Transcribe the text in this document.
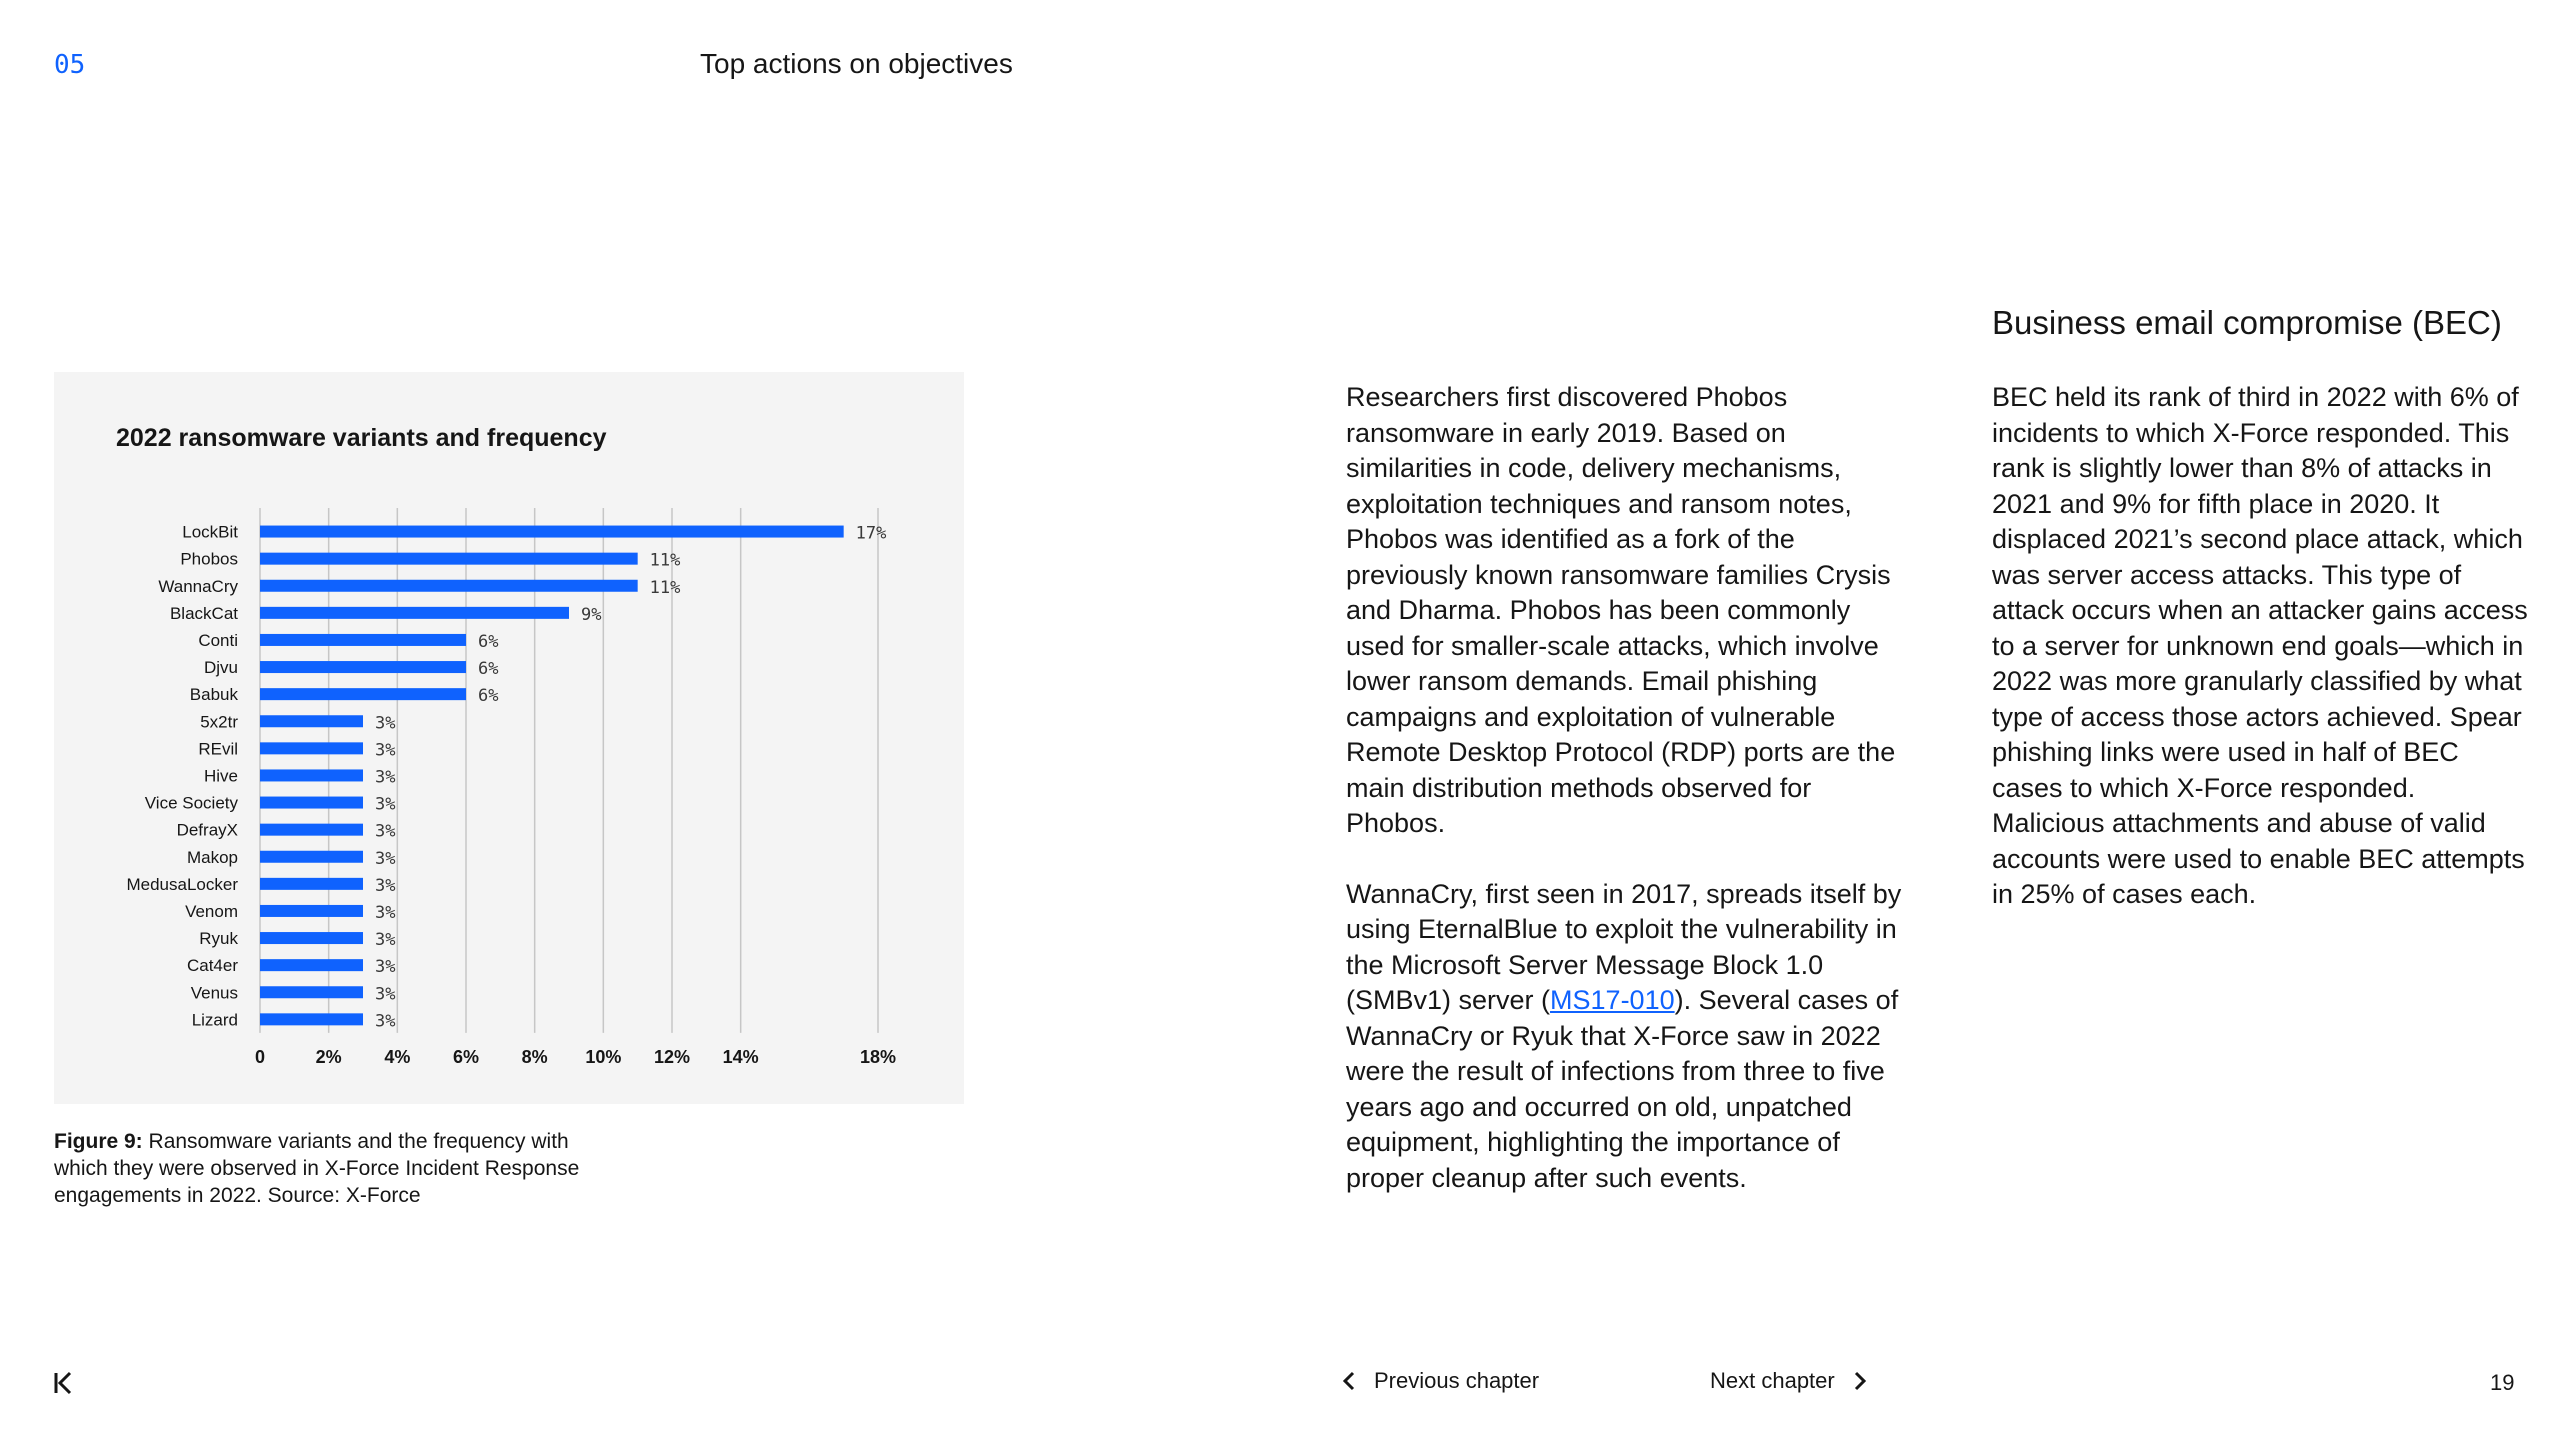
05	Top actions on objectives
LockBit	17%
Phobos	11%
WannaCry	11%
BlackCat	9%
Conti	6%
Djvu	6%
Babuk	6%
5x2tr	3%
REvil	3%
Hive	3%
Vice Society	3%
DefrayX	3%
Makop	3%
MedusaLocker	3%
Venom	3%
Ryuk	3%
Cat4er	3%
Venus	3%
Lizard	3%
0	2% 4% 6% 8% 10% 12% 14%	18%
2022 ransomware variants and frequency
Figure 9: Ransomware variants and the frequency with which they were observed in X-Force Incident Response engagements in 2022. Source: X-Force

Researchers first discovered Phobos ransomware in early 2019. Based on similarities in code, delivery mechanisms, exploitation techniques and ransom notes, Phobos was identified as a fork of the previously known ransomware families Crysis and Dharma. Phobos has been commonly used for smaller-scale attacks, which involve lower ransom demands. Email phishing campaigns and exploitation of vulnerable Remote Desktop Protocol (RDP) ports are the main distribution methods observed for Phobos.

WannaCry, first seen in 2017, spreads itself by using EternalBlue to exploit the vulnerability in the Microsoft Server Message Block 1.0 (SMBv1) server (MS17-010). Several cases of WannaCry or Ryuk that X-Force saw in 2022 were the result of infections from three to five years ago and occurred on old, unpatched equipment, highlighting the importance of proper cleanup after such events.

Business email compromise (BEC)

BEC held its rank of third in 2022 with 6% of incidents to which X-Force responded. This rank is slightly lower than 8% of attacks in 2021 and 9% for fifth place in 2020. It displaced 2021’s second place attack, which was server access attacks. This type of attack occurs when an attacker gains access to a server for unknown end goals—which in 2022 was more granularly classified by what type of access those actors achieved. Spear phishing links were used in half of BEC cases to which X-Force responded. Malicious attachments and abuse of valid accounts were used to enable BEC attempts in 25% of cases each.

Previous chapter	Next chapter	19
